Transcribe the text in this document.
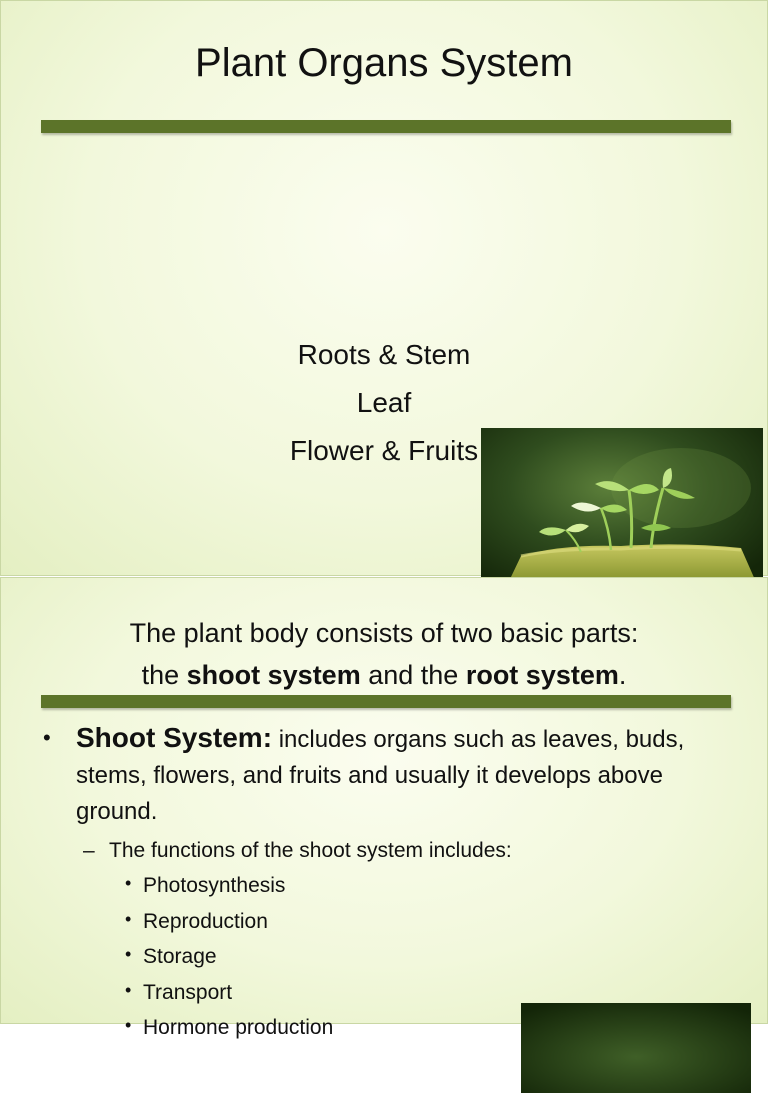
Plant Organs System
Roots & Stem
Leaf
Flower & Fruits
The plant body consists of two basic parts:
the shoot system and the root system.
• Shoot System: includes organs such as leaves, buds, stems, flowers, and fruits and usually it develops above ground.
– The functions of the shoot system includes:
• Photosynthesis
• Reproduction
• Storage
• Transport
• Hormone production
